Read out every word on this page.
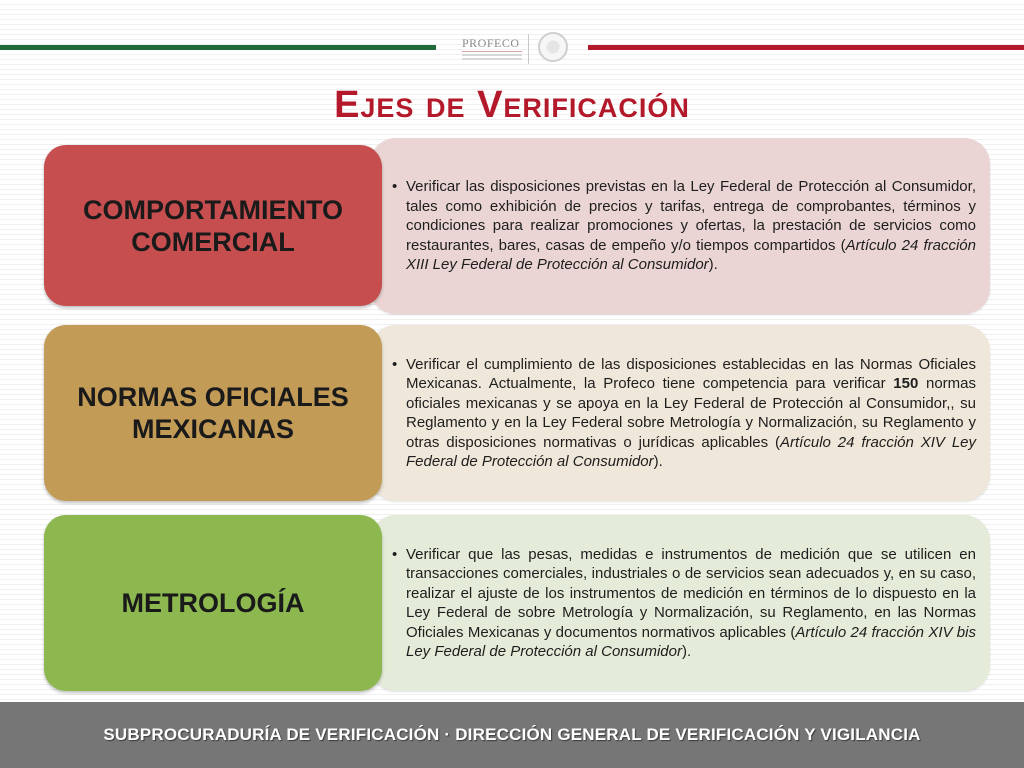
PROFECO
Ejes de Verificación
• Verificar las disposiciones previstas en la Ley Federal de Protección al Consumidor, tales como exhibición de precios y tarifas, entrega de comprobantes, términos y condiciones para realizar promociones y ofertas, la prestación de servicios como restaurantes, bares, casas de empeño y/o tiempos compartidos (Artículo 24 fracción XIII Ley Federal de Protección al Consumidor).
COMPORTAMIENTO COMERCIAL
• Verificar el cumplimiento de las disposiciones establecidas en las Normas Oficiales Mexicanas. Actualmente, la Profeco tiene competencia para verificar 150 normas oficiales mexicanas y se apoya en la Ley Federal de Protección al Consumidor,, su Reglamento y en la Ley Federal sobre Metrología y Normalización, su Reglamento y otras disposiciones normativas o jurídicas aplicables (Artículo 24 fracción XIV Ley Federal de Protección al Consumidor).
NORMAS OFICIALES MEXICANAS
• Verificar que las pesas, medidas e instrumentos de medición que se utilicen en transacciones comerciales, industriales o de servicios sean adecuados y, en su caso, realizar el ajuste de los instrumentos de medición en términos de lo dispuesto en la Ley Federal de sobre Metrología y Normalización, su Reglamento, en las Normas Oficiales Mexicanas y documentos normativos aplicables (Artículo 24 fracción XIV bis Ley Federal de Protección al Consumidor).
METROLOGÍA
SUBPROCURADURÍA DE VERIFICACIÓN · DIRECCIÓN GENERAL DE VERIFICACIÓN Y VIGILANCIA
